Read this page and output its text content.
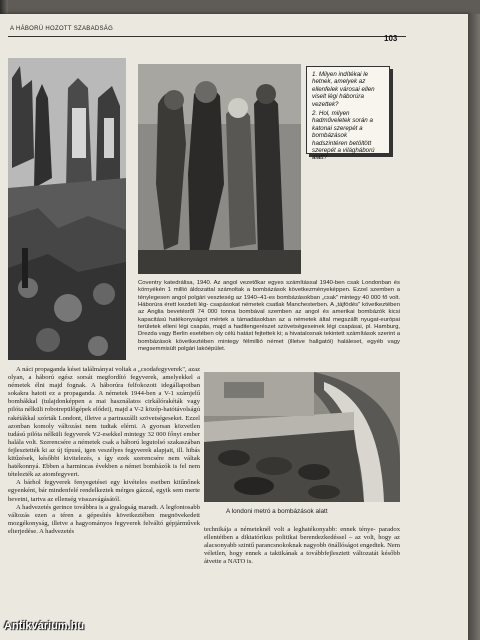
A HÁBORÚ HOZOTT SZABADSÁG
103

1. Milyen indítékai le hetnek, amelyek az ellenfelek városai ellen viselt légi háborúra vezettek?

2. Hol, milyen hadműveletek során a katonai szerepét a bombázások hadszintéren betöltött szerepét a világháború alatt?

Coventry katedrálisa, 1940. Az angol vezetőkar egyes számítással 1940-ben csak Londonban és környékén 1 millió áldozattal számoltak a bombázások következményeképpen. Ezzel szemben a ténylegesen angol polgári veszteség az 1940–41-es bombázásokban „csak" mintegy 40 000 fő volt. Háborúra érett kezdeti lég- csapásokat németek csatlak Manchesterben. A „tájfödés" következtében az Anglia bevetésről 74 000 tonna bombával szemben az angol és amerikai bombázók kicsi kapacitású hatékonyságot mértek a támadásokban az a németek által megszállt nyugat-európai területek elleni légi csapás, majd a haditengerészet szövetségeseinek légi csapásai, pl. Hamburg, Drezda vagy Berlin esetében oly célú hatást fejtettek ki; a hivatalosnak tekintett számítások szerint a bombázások következtében mintegy félmillió német (illetve hallgatói) haláleset, egyéb vagy megsemmisült polgári lakóépület.

A náci propaganda kései találmányai voltak a „csodafegyverek", azaz olyan, a háború egész sorsát megfordító fegyverek, amelyekkel a németek élni majd fognak. A háborúra felfokozott idegállapotban sokakra hatott ez a propaganda. A németek 1944-ben a V-1 számjelű bombákkal (tulajdonképpen a mai használatos cirkálórakéták vagy pilóta nélküli robotrepülőgépek elődei), majd a V-2 közép-hatótávolságú rakétákkal szórták Londont, illetve a partraszállt szövetségeseket. Ezzel azonban komoly változást nem tudtak elérni. A gyorsan közvetlen tudású pilóta nélküli fegyverek V2-esekkel mintegy 32 000 főnyi ember halála volt. Szerencsére a németek csak a háború legutolsó szakaszában fejlesztették ki az új típusú, igen veszélyes fegyverek alapjait, ill. hibás kitűzések, későbbi kivitelezés, s így ezek szerencsére nem váltak hatékonnyá. Ebben a harmincas években a német bombázók is fel nem tételezték az atomfegyvert.

A bárhol fegyverek fenyegetései egy kivételes esetben kitűnőnek egyenként, bár mindenfelé rendelkeztek mérges gázzal, egyik sem merte bevetni, tartva az ellenség visszavágásától.

A hadvezetés gerince továbbra is a gyalogság maradt. A legfontosabb változás ezen a téren a gépesítés következtében megnövekedett mozgékonyság, illetve a hagyományos fegyverek felváltó gépjárművek elterjedése. A hadvezetés

A londoni metró a bombázások alatt
technikája a németeknél volt a leghatékonyabb: ennek ténye- paradox ellentétben a diktatórikus politikai berendezkedéssel – az volt, hogy az alacsonyabb szintű parancsnokoknak nagyobb önállóságot engedtek. Nem véletlen, hogy ennek a taktikának a továbbfejlesztett változatát később átvette a NATO is.
Antikvárium.hu
